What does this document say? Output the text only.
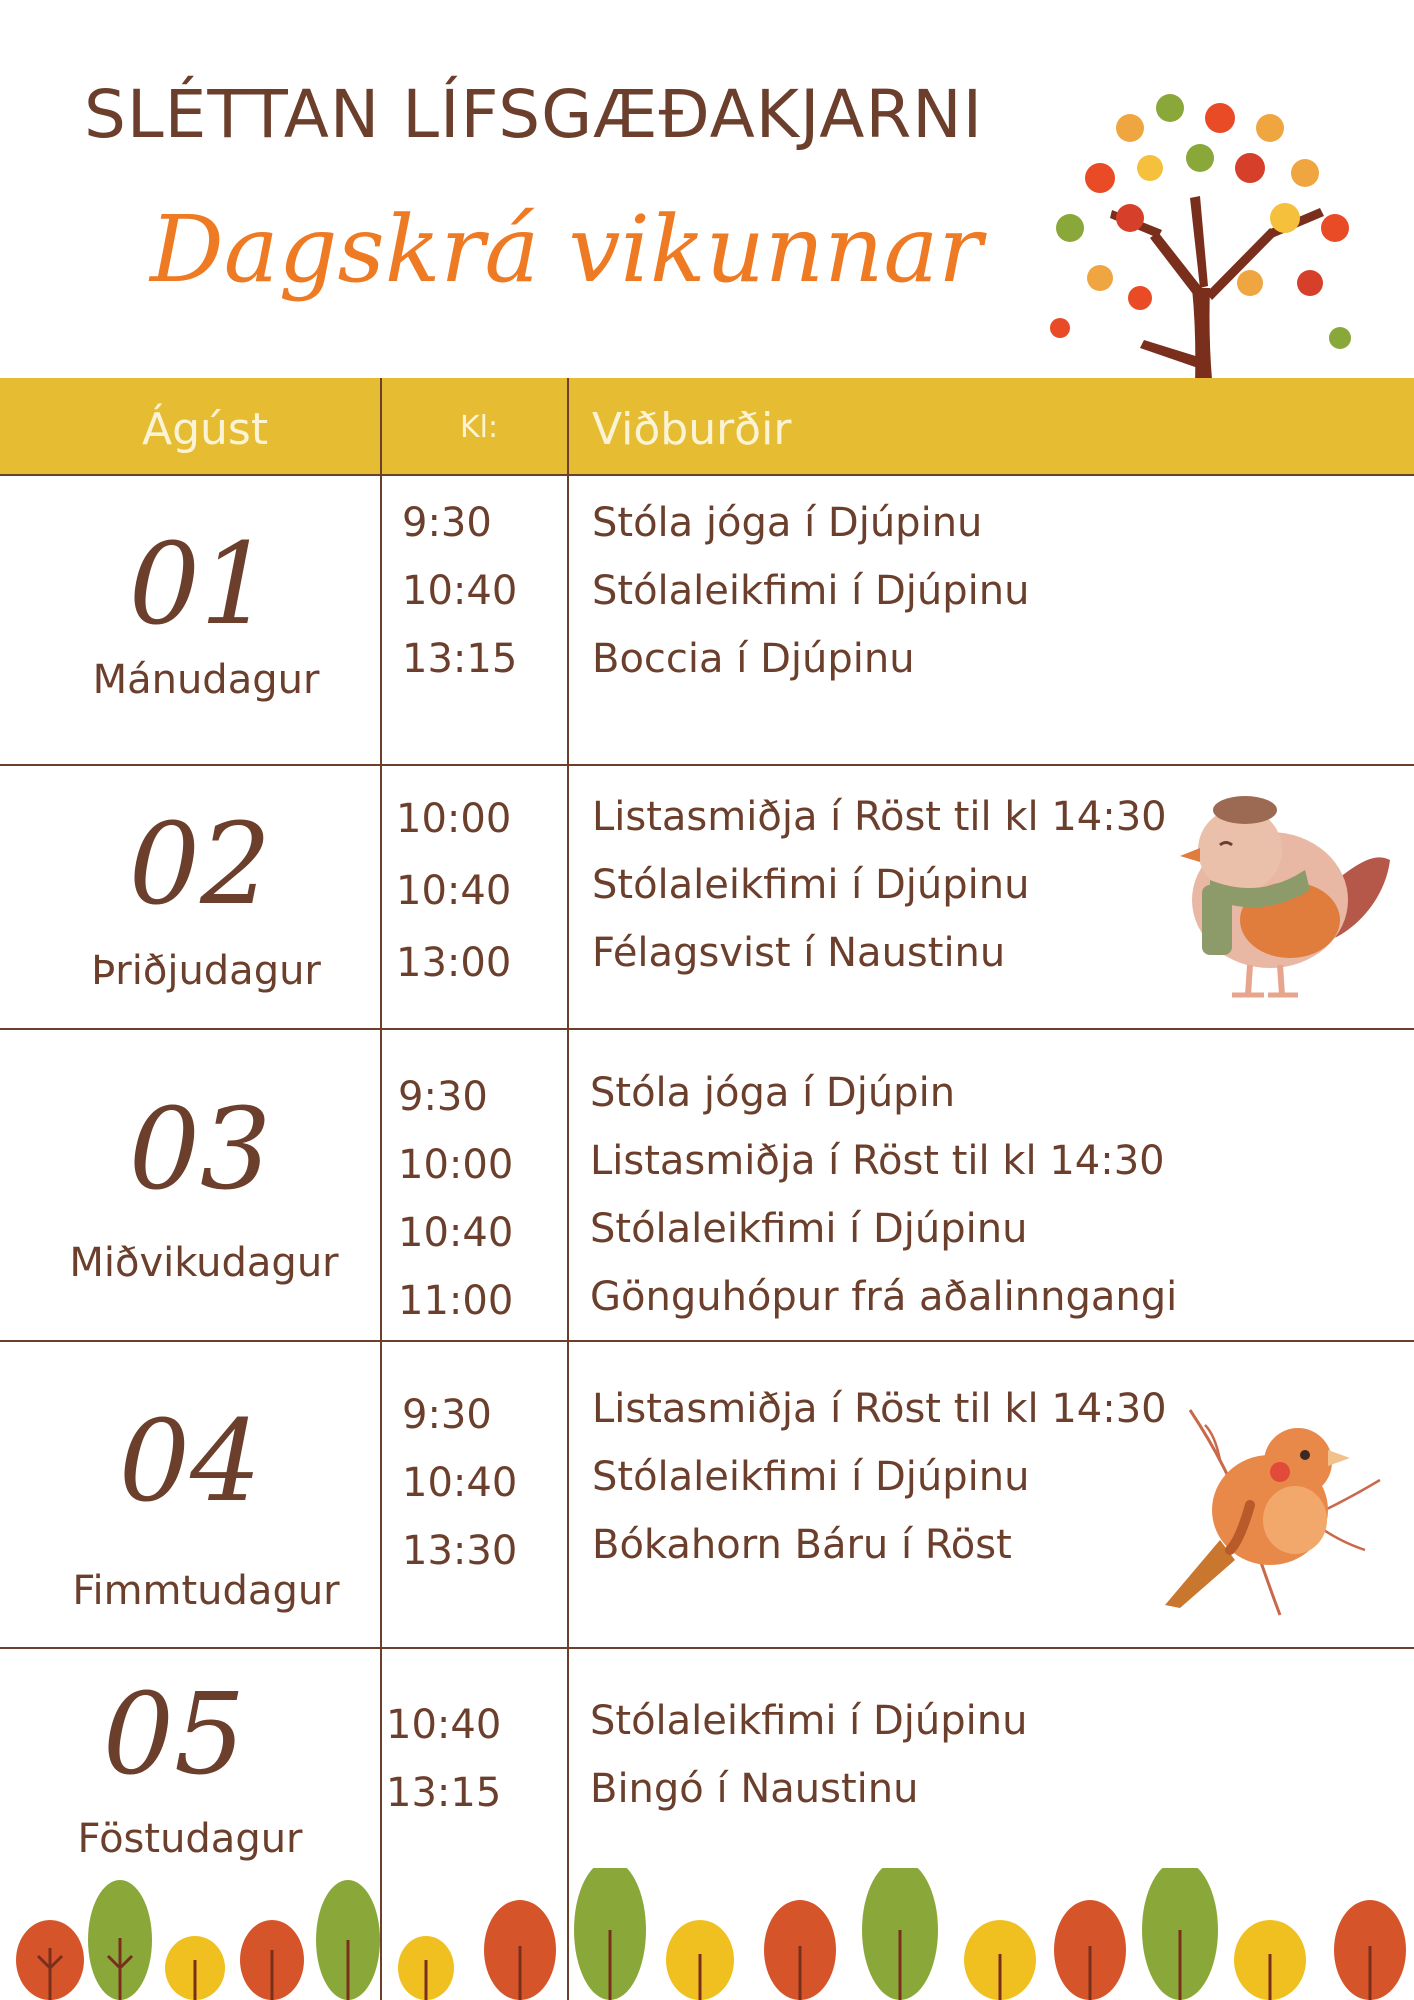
SLÉTTAN LÍFSGÆÐAKJARNI
Dagskrá vikunnar
Ágúst	Kl: Viðburðir
01
Mánudagur
9:30
10:40
13:15
Stóla jóga í Djúpinu
Stólaleikfimi í Djúpinu
Boccia í Djúpinu
02
Þriðjudagur
10:00
10:40
13:00
Listasmiðja í Röst til kl 14:30
Stólaleikfimi í Djúpinu
Félagsvist í Naustinu
03
Miðvikudagur
9:30
10:00
10:40
11:00
Stóla jóga í Djúpin
Listasmiðja í Röst til kl 14:30
Stólaleikfimi í Djúpinu
Gönguhópur frá aðalinngangi
04
Fimmtudagur
9:30
10:40
13:30
Listasmiðja í Röst til kl 14:30
Stólaleikfimi í Djúpinu
Bókahorn Báru í Röst
05
Föstudagur
10:40
13:15
Stólaleikfimi í Djúpinu
Bingó í Naustinu
